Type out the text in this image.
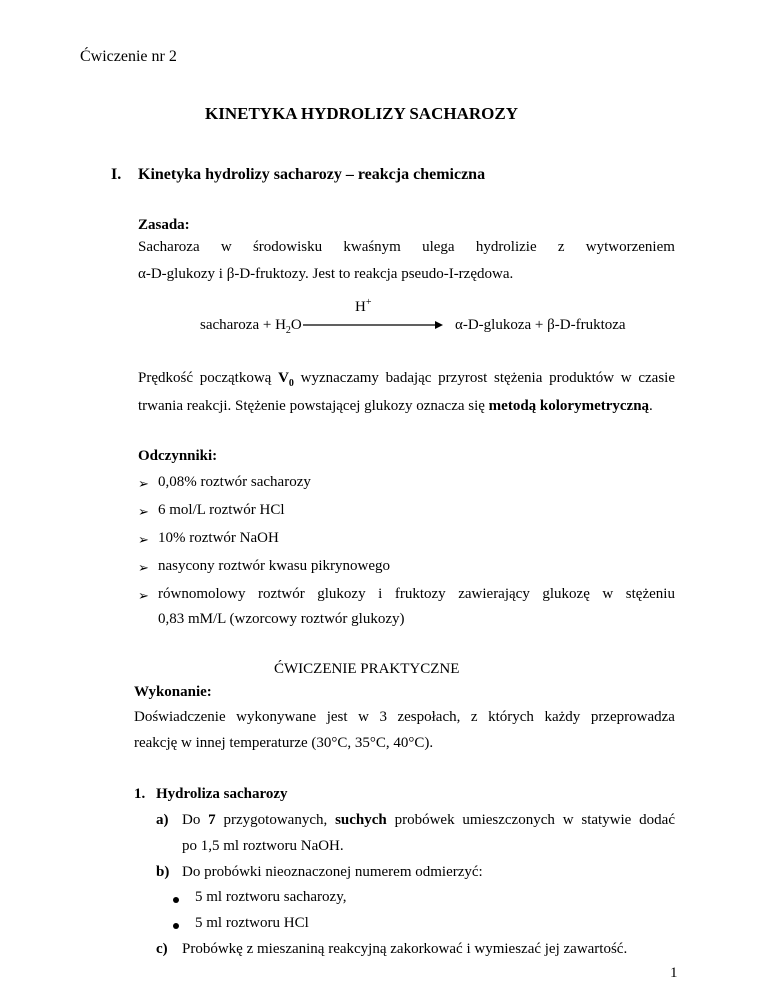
Ćwiczenie nr 2
KINETYKA HYDROLIZY SACHAROZY
I. Kinetyka hydrolizy sacharozy – reakcja chemiczna
Zasada:
Sacharoza w środowisku kwaśnym ulega hydrolizie z wytworzeniem
α-D-glukozy i β-D-fruktozy. Jest to reakcja pseudo-I-rzędowa.
sacharoza + $H_2O$
H+
α-D-glukoza + β-D-fruktoza
Prędkość początkową $V_0$ wyznaczamy badając przyrost stężenia produktów w czasie
trwania reakcji. Stężenie powstającej glukozy oznacza się metodą kolorymetryczną.
Odczynniki:
➢ 0,08% roztwór sacharozy
➢ 6 mol/L roztwór HCl
➢ 10% roztwór NaOH
➢ nasycony roztwór kwasu pikrynowego
➢ równomolowy roztwór glukozy i fruktozy zawierający glukozę w stężeniu
0,83 mM/L (wzorcowy roztwór glukozy)
ĆWICZENIE PRAKTYCZNE
Wykonanie:
Doświadczenie wykonywane jest w 3 zespołach, z których każdy przeprowadza
reakcję w innej temperaturze (30°C, 35°C, 40°C).
1. Hydroliza sacharozy
a) Do 7 przygotowanych, suchych probówek umieszczonych w statywie dodać
po 1,5 ml roztworu NaOH.
b) Do probówki nieoznaczonej numerem odmierzyć:
5 ml roztworu sacharozy,
5 ml roztworu HCl
c) Probówkę z mieszaniną reakcyjną zakorkować i wymieszać jej zawartość.
1
